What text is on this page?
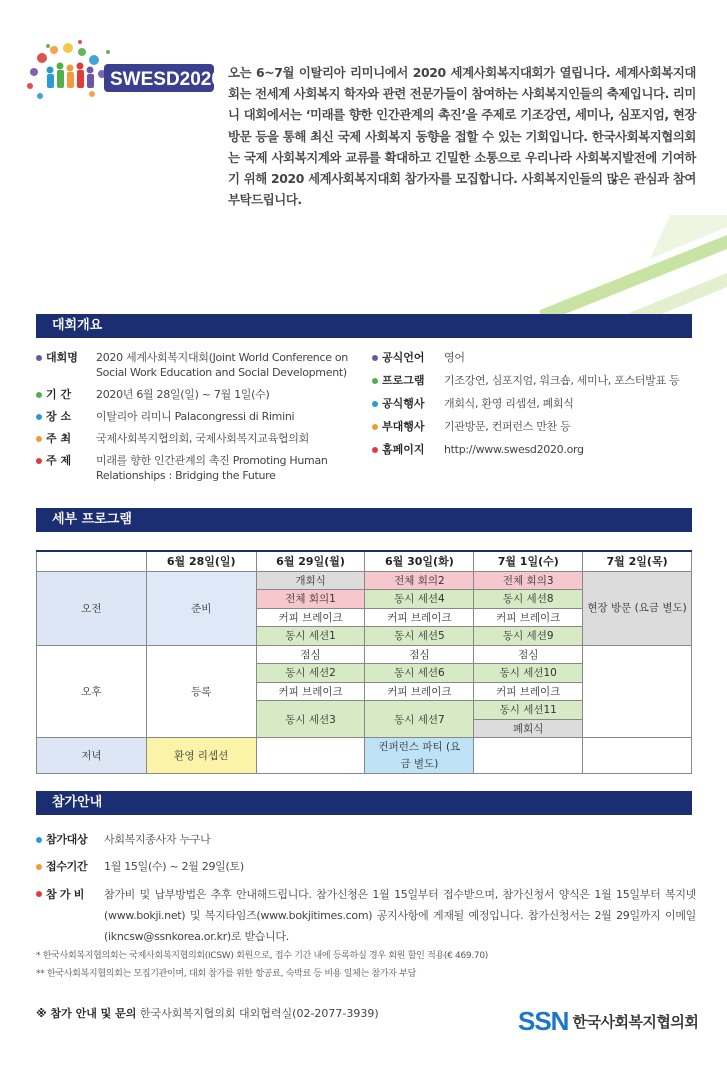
SWESD2020 오는 6~7월 이탈리아 리미니에서 2020 세계사회복지대회가 열립니다. 세계사회복지대회는 전세계 사회복지 학자와 관련 전문가들이 참여하는 사회복지인들의 축제입니다. 리미니 대회에서는 ‘미래를 향한 인간관계의 촉진’을 주제로 기조강연, 세미나, 심포지엄, 현장방문 등을 통해 최신 국제 사회복지 동향을 접할 수 있는 기회입니다. 한국사회복지협의회는 국제 사회복지계와 교류를 확대하고 긴밀한 소통으로 우리나라 사회복지발전에 기여하기 위해 2020 세계사회복지대회 참가자를 모집합니다. 사회복지인들의 많은 관심과 참여 부탁드립니다.

대회개요
대회명	2020 세계사회복지대회(Joint World Conference on Social Work Education and Social Development)
기 간	2020년 6월 28일(일) ~ 7월 1일(수)
장 소	이탈리아 리미니 Palacongressi di Rimini
주 최	국제사회복지협의회, 국제사회복지교육협의회
주 제	미래를 향한 인간관계의 촉진 Promoting Human Relationships : Bridging the Future
공식언어	영어
프로그램	기조강연, 심포지엄, 워크숍, 세미나, 포스터발표 등
공식행사	개회식, 환영 리셉션, 폐회식
부대행사	기관방문, 컨퍼런스 만찬 등
홈페이지	http://www.swesd2020.org
세부 프로그램
	6월 28일(일)	6월 29일(월)	6월 30일(화)	7월 1일(수)	7월 2일(목)
오전	준비	개회식	전체 회의2	전체 회의3	현장 방문 (요금 별도)
		전체 회의1	동시 세션4	동시 세션8	
		커피 브레이크	커피 브레이크	커피 브레이크	
		동시 세션1	동시 세션5	동시 세션9	
오후	등록	점심	점심	점심	
		동시 세션2	동시 세션6	동시 세션10	
		커피 브레이크	커피 브레이크	커피 브레이크	
		동시 세션3	동시 세션7	동시 세션11	
				폐회식	
저녁	환영 리셉션		컨퍼런스 파티 (요금 별도)		
참가안내
참가대상	사회복지종사자 누구나
접수기간	1월 15일(수) ~ 2월 29일(토)
참 가 비	참가비 및 납부방법은 추후 안내해드립니다. 참가신청은 1월 15일부터 접수받으며, 참가신청서 양식은 1월 15일부터 복지넷(www.bokji.net) 및 복지타임즈(www.bokjitimes.com) 공지사항에 게재될 예정입니다. 참가신청서는 2월 29일까지 이메일(ikncsw@ssnkorea.or.kr)로 받습니다.
* 한국사회복지협의회는 국제사회복지협의회(ICSW) 회원으로, 접수 기간 내에 등록하실 경우 회원 할인 적용(€ 469.70)
** 한국사회복지협의회는 모집기관이며, 대회 참가를 위한 항공료, 숙박료 등 비용 일체는 참가자 부담
※ 참가 안내 및 문의 한국사회복지협의회 대외협력실(02-2077-3939)	SSN 한국사회복지협의회
